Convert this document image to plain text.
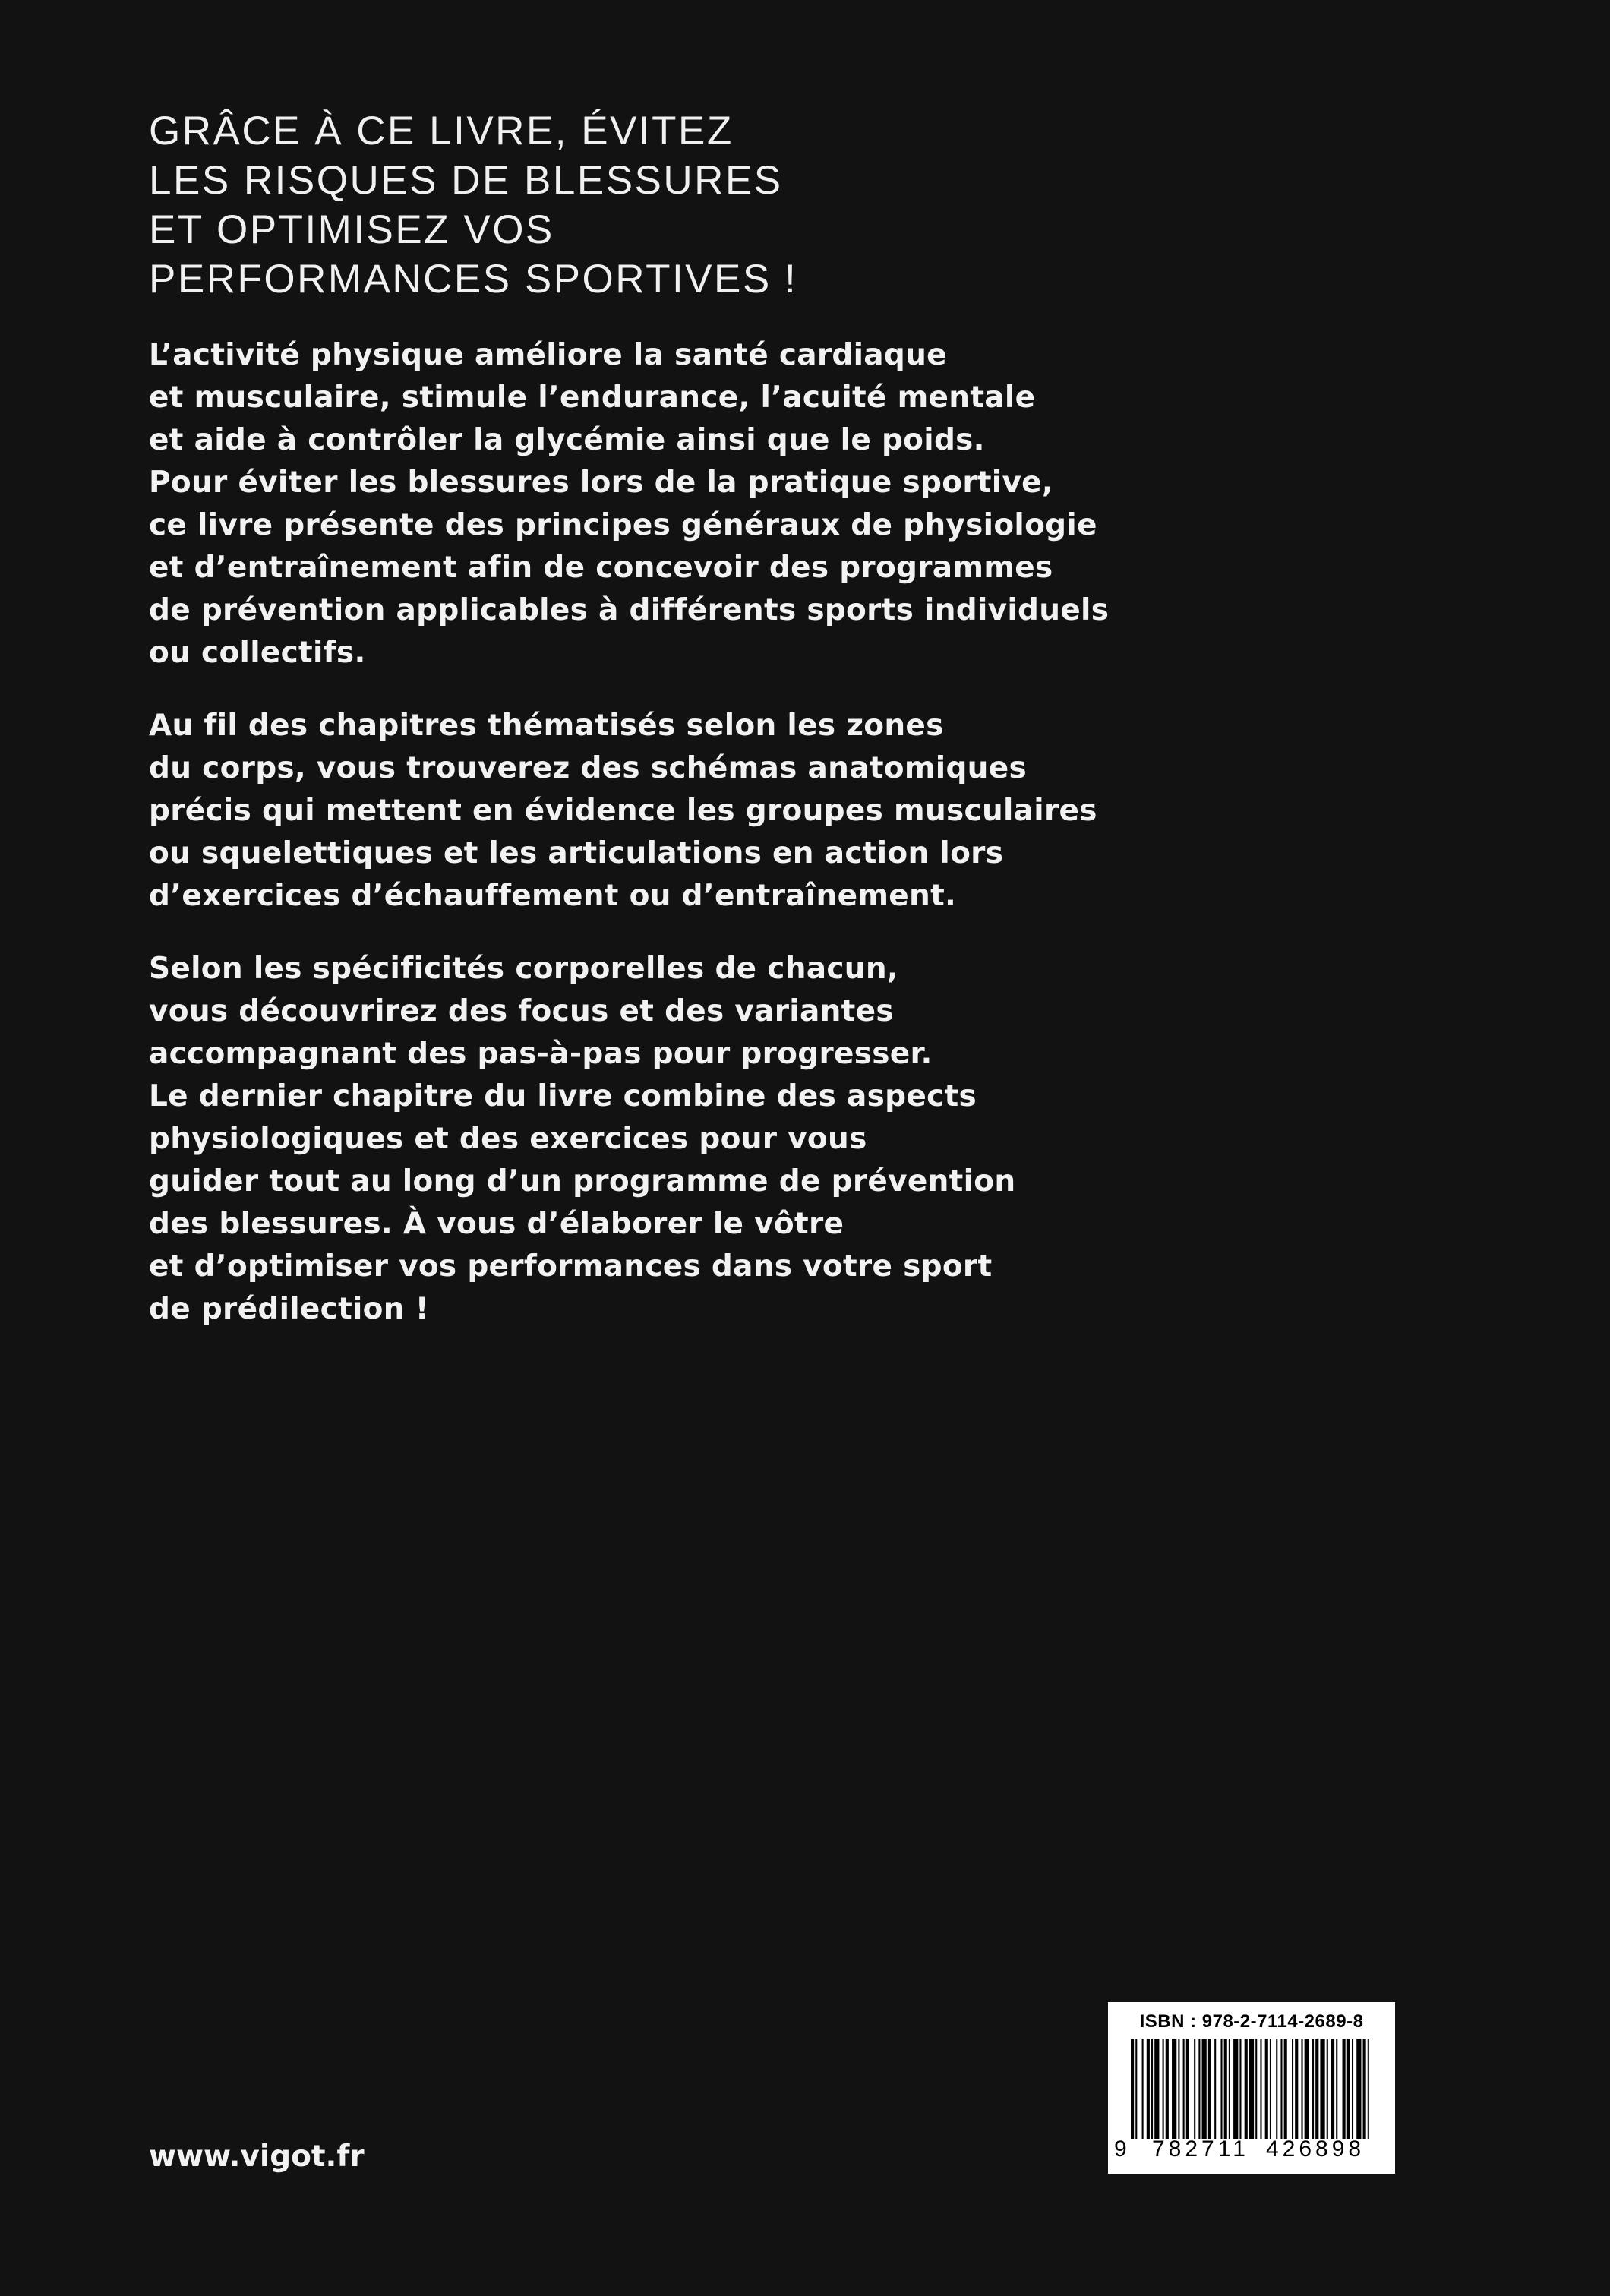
GRÂCE À CE LIVRE, ÉVITEZ
LES RISQUES DE BLESSURES
ET OPTIMISEZ VOS
PERFORMANCES SPORTIVES !

L’activité physique améliore la santé cardiaque
et musculaire, stimule l’endurance, l’acuité mentale
et aide à contrôler la glycémie ainsi que le poids.
Pour éviter les blessures lors de la pratique sportive,
ce livre présente des principes généraux de physiologie
et d’entraînement afin de concevoir des programmes
de prévention applicables à différents sports individuels
ou collectifs.

Au fil des chapitres thématisés selon les zones
du corps, vous trouverez des schémas anatomiques
précis qui mettent en évidence les groupes musculaires
ou squelettiques et les articulations en action lors
d’exercices d’échauffement ou d’entraînement.

Selon les spécificités corporelles de chacun,
vous découvrirez des focus et des variantes
accompagnant des pas-à-pas pour progresser.
Le dernier chapitre du livre combine des aspects
physiologiques et des exercices pour vous
guider tout au long d’un programme de prévention
des blessures. À vous d’élaborer le vôtre
et d’optimiser vos performances dans votre sport
de prédilection !

www.vigot.fr

ISBN : 978-2-7114-2689-8

9 782711 426898
